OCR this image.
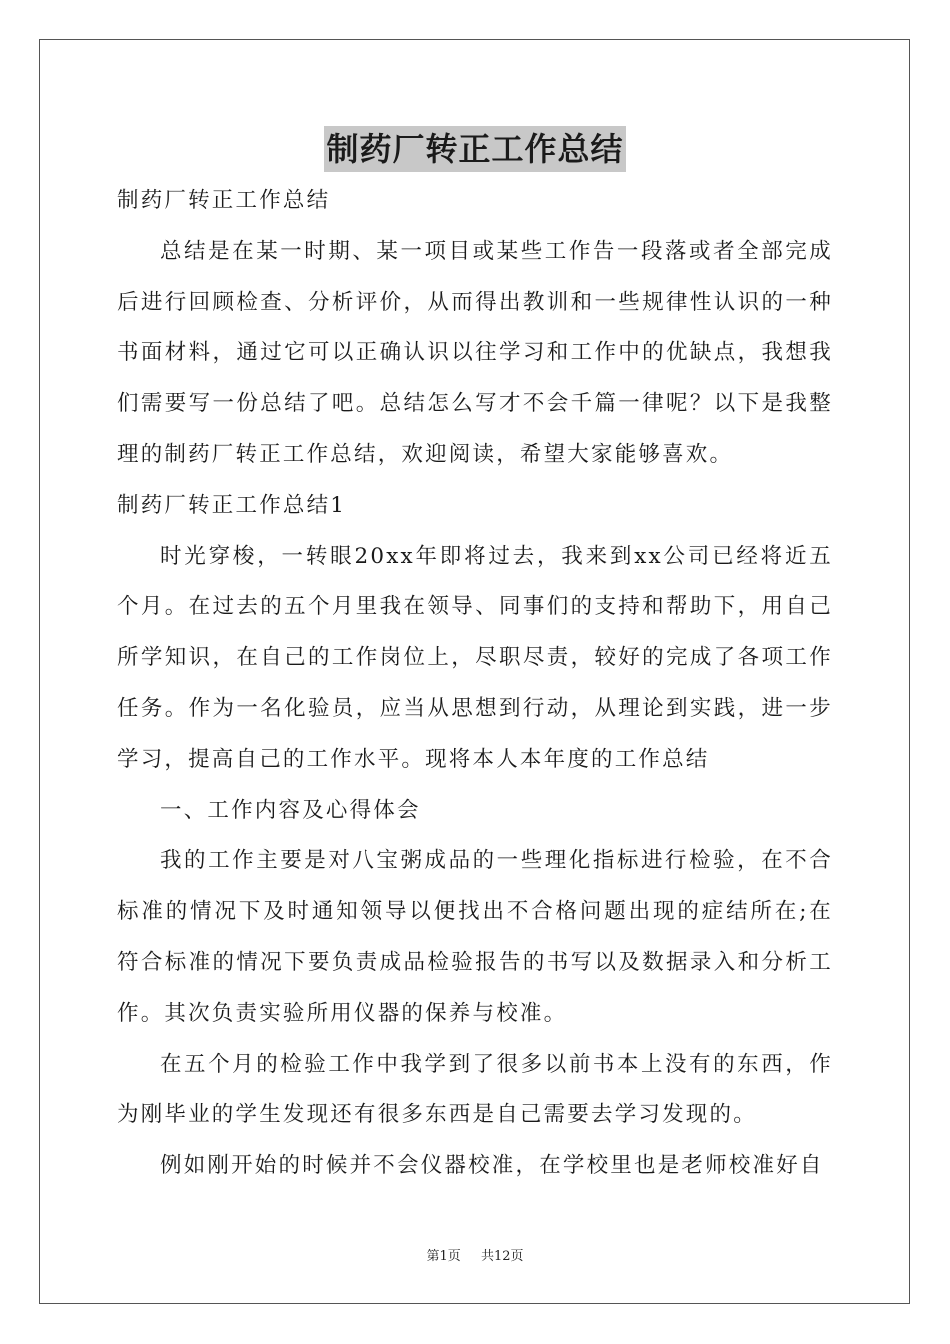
制药厂转正工作总结
制药厂转正工作总结

总结是在某一时期、某一项目或某些工作告一段落或者全部完成后进行回顾检查、分析评价，从而得出教训和一些规律性认识的一种书面材料，通过它可以正确认识以往学习和工作中的优缺点，我想我们需要写一份总结了吧。总结怎么写才不会千篇一律呢？以下是我整理的制药厂转正工作总结，欢迎阅读，希望大家能够喜欢。

制药厂转正工作总结1

时光穿梭，一转眼20xx年即将过去，我来到xx公司已经将近五个月。在过去的五个月里我在领导、同事们的支持和帮助下，用自己所学知识，在自己的工作岗位上，尽职尽责，较好的完成了各项工作任务。作为一名化验员，应当从思想到行动，从理论到实践，进一步学习，提高自己的工作水平。现将本人本年度的工作总结

一、工作内容及心得体会

我的工作主要是对八宝粥成品的一些理化指标进行检验，在不合标准的情况下及时通知领导以便找出不合格问题出现的症结所在;在符合标准的情况下要负责成品检验报告的书写以及数据录入和分析工作。其次负责实验所用仪器的保养与校准。

在五个月的检验工作中我学到了很多以前书本上没有的东西，作为刚毕业的学生发现还有很多东西是自己需要去学习发现的。

例如刚开始的时候并不会仪器校准，在学校里也是老师校准好自

第1页 共12页
